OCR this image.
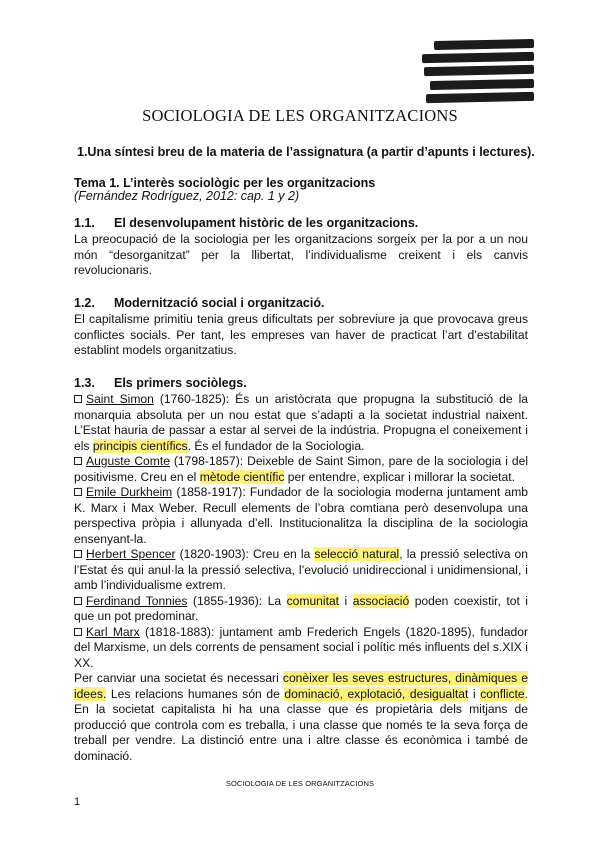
SOCIOLOGIA DE LES ORGANITZACIONS
1.Una síntesi breu de la materia de l’assignatura (a partir d’apunts i lectures).
Tema 1. L’interès sociològic per les organitzacions
(Fernández Rodríguez, 2012: cap. 1 y 2)
1.1. El desenvolupament històric de les organitzacions.

La preocupació de la sociologia per les organitzacions sorgeix per la por a un nou món “desorganitzat” per la llibertat, l’individualisme creixent i els canvis revolucionaris.

1.2. Modernització social i organització.

El capitalisme primitiu tenia greus dificultats per sobreviure ja que provocava greus conflictes socials. Per tant, les empreses van haver de practicat l’art d’estabilitat establint models organitzatius.

1.3. Els primers sociòlegs.

Saint Simon (1760-1825): És un aristòcrata que propugna la substitució de la monarquia absoluta per un nou estat que s’adapti a la societat industrial naixent. L’Estat hauria de passar a estar al servei de la indústria. Propugna el coneixement i els principis científics. És el fundador de la Sociologia.

Auguste Comte (1798-1857): Deixeble de Saint Simon, pare de la sociologia i del positivisme. Creu en el mètode científic per entendre, explicar i millorar la societat.

Emile Durkheim (1858-1917): Fundador de la sociologia moderna juntament amb K. Marx i Max Weber. Recull elements de l’obra comtiana però desenvolupa una perspectiva pròpia i allunyada d’ell. Institucionalitza la disciplina de la sociologia ensenyant-la.

Herbert Spencer (1820-1903): Creu en la selecció natural, la pressió selectiva on l’Estat és qui anul·la la pressió selectiva, l’evolució unidireccional i unidimensional, i amb l’individualisme extrem.

Ferdinand Tonnies (1855-1936): La comunitat i associació poden coexistir, tot i que un pot predominar.

Karl Marx (1818-1883): juntament amb Frederich Engels (1820-1895), fundador del Marxisme, un dels corrents de pensament social i polític més influents del s.XIX i XX.

Per canviar una societat és necessari conèixer les seves estructures, dinàmiques e idees. Les relacions humanes són de dominació, explotació, desigualtat i conflicte. En la societat capitalista hi ha una classe que és propietària dels mitjans de producció que controla com es treballa, i una classe que només te la seva força de treball per vendre. La distinció entre una i altre classe és econòmica i també de dominació.

SOCIOLOGIA DE LES ORGANITZACIONS
1
